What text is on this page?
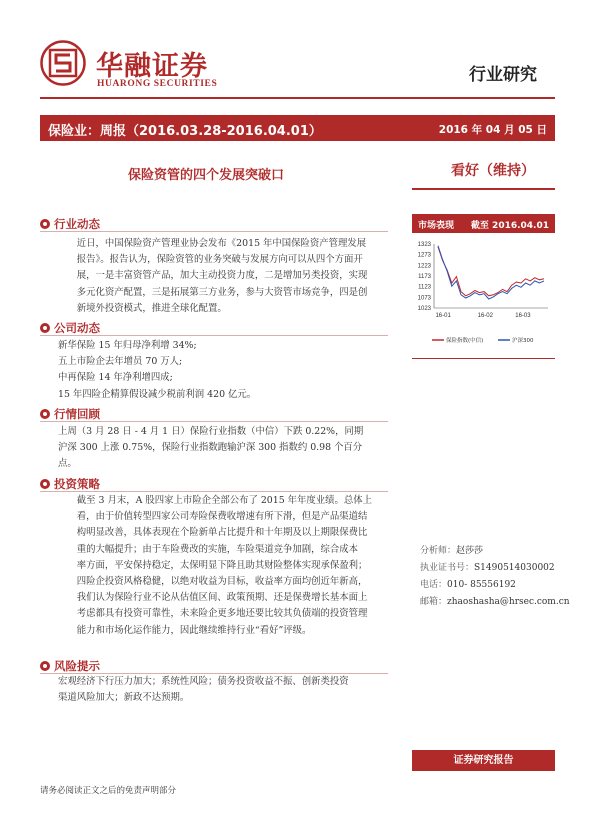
华融证券
HUARONG SECURITIES	行业研究
保险业：周报（2016.03.28-2016.04.01）	2016 年 04 月 05 日
保险资管的四个发展突破口	看好（维持）
行业动态
近日，中国保险资产管理业协会发布《2015 年中国保险资产管理发展
报告》。报告认为，保险资管的业务突破与发展方向可以从四个方面开
展，一是丰富资管产品，加大主动投资力度，二是增加另类投资，实现
多元化资产配置，三是拓展第三方业务，参与大资管市场竞争，四是创
新境外投资模式，推进全球化配置。
公司动态
新华保险 15 年归母净利增 34%;
五上市险企去年增员 70 万人;
中再保险 14 年净利增四成;
15 年四险企精算假设减少税前利润 420 亿元。
行情回顾
上周（3 月 28 日 - 4 月 1 日）保险行业指数（中信）下跌 0.22%，同期
沪深 300 上涨 0.75%，保险行业指数跑输沪深 300 指数约 0.98 个百分
点。
投资策略
截至 3 月末，A 股四家上市险企全部公布了 2015 年年度业绩。总体上
看，由于价值转型四家公司寿险保费收增速有所下滑，但是产品渠道结
构明显改善，具体表现在个险新单占比提升和十年期及以上期限保费比
重的大幅提升；由于车险费改的实施，车险渠道竞争加剧，综合成本
率方面，平安保持稳定，太保明显下降且助其财险整体实现承保盈利；
四险企投资风格稳健，以绝对收益为目标，收益率方面均创近年新高，
我们认为保险行业不论从估值区间、政策预期、还是保费增长基本面上
考虑都具有投资可靠性，未来险企更多地还要比较其负债端的投资管理
能力和市场化运作能力，因此继续维持行业“看好”评级。
风险提示
宏观经济下行压力加大；系统性风险；债务投资收益不振、创新类投资
渠道风险加大；新政不达预期。
市场表现 截至 2016.04.01
1323
1273
1223
1173
1123
1073
1023
16-01	16-02	16-03
保险指数(中信)	沪深300
分析师：赵莎莎
执业证书号：S1490514030002
电话：010- 85556192
邮箱：zhaoshasha@hrsec.com.cn
证券研究报告
请务必阅读正文之后的免责声明部分
